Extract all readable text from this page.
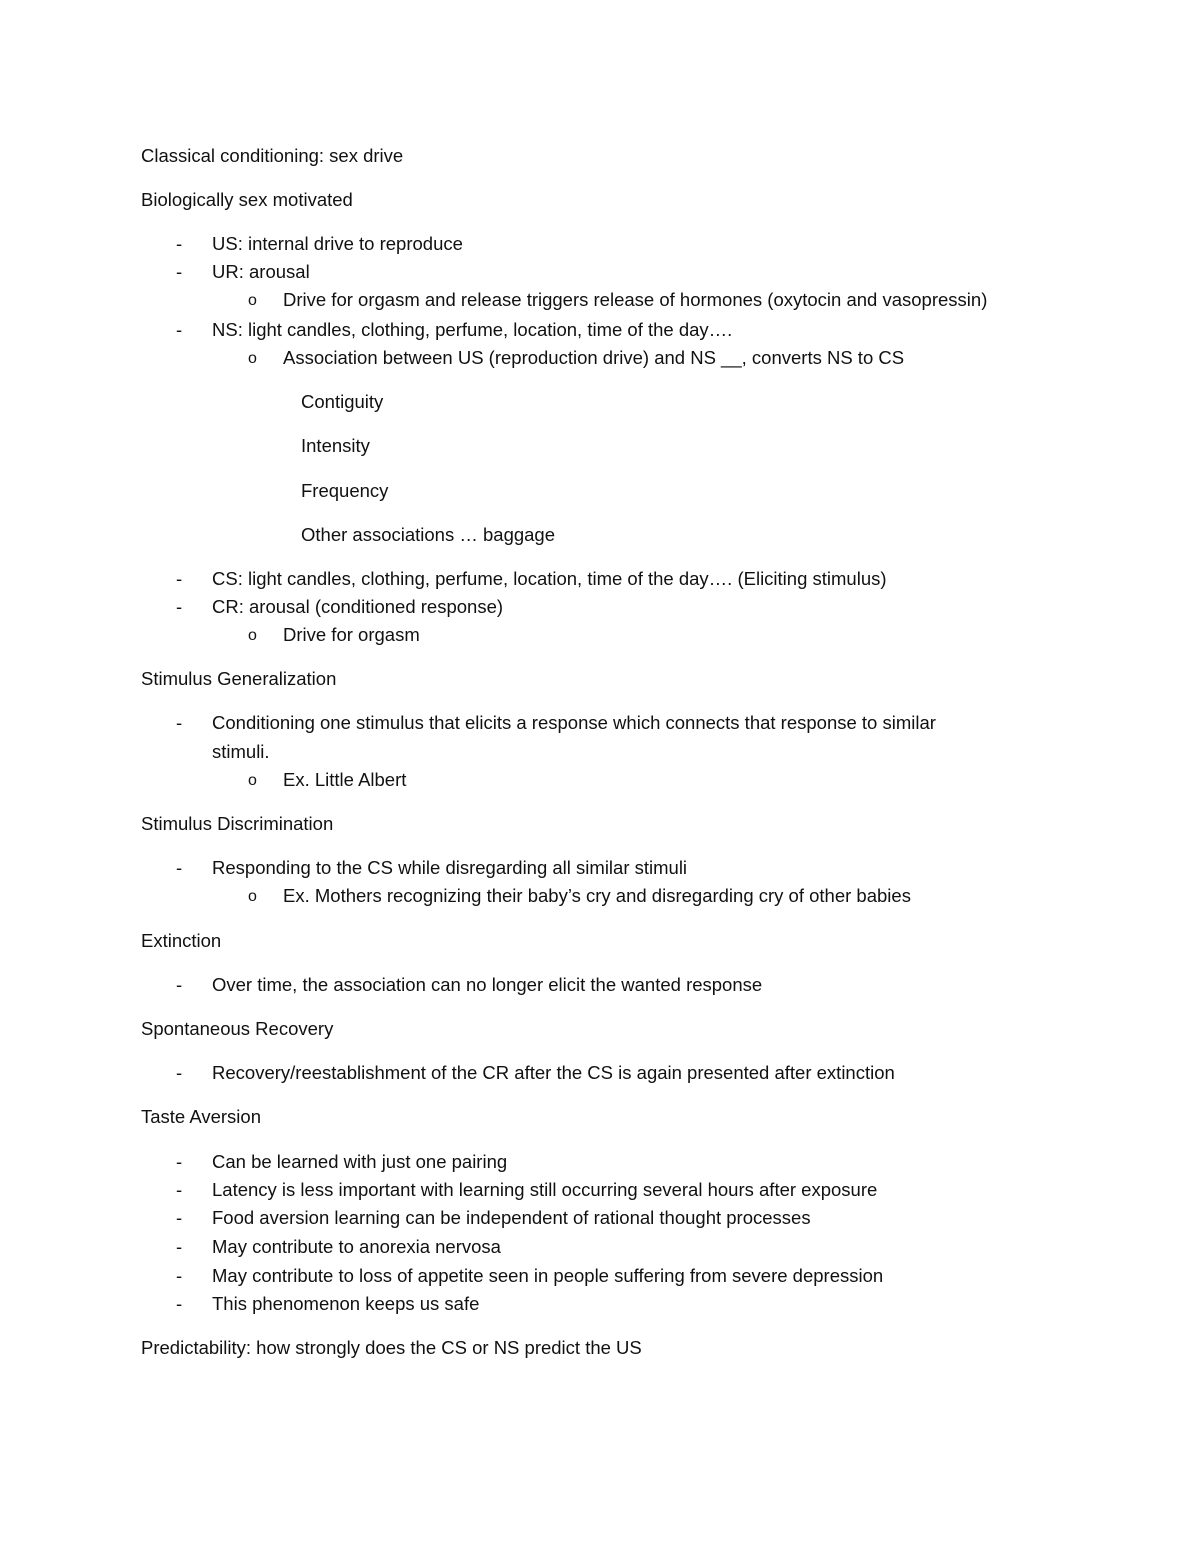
Classical conditioning: sex drive
Biologically sex motivated
- US: internal drive to reproduce
- UR: arousal
o Drive for orgasm and release triggers release of hormones (oxytocin and vasopressin)
- NS: light candles, clothing, perfume, location, time of the day….
o Association between US (reproduction drive) and NS __, converts NS to CS
Contiguity
Intensity
Frequency
Other associations … baggage
- CS: light candles, clothing, perfume, location, time of the day…. (Eliciting stimulus)
- CR: arousal (conditioned response)
o Drive for orgasm
Stimulus Generalization
- Conditioning one stimulus that elicits a response which connects that response to similar
stimuli.
o Ex. Little Albert
Stimulus Discrimination
- Responding to the CS while disregarding all similar stimuli
o Ex. Mothers recognizing their baby’s cry and disregarding cry of other babies
Extinction
- Over time, the association can no longer elicit the wanted response
Spontaneous Recovery
- Recovery/reestablishment of the CR after the CS is again presented after extinction
Taste Aversion
- Can be learned with just one pairing
- Latency is less important with learning still occurring several hours after exposure
- Food aversion learning can be independent of rational thought processes
- May contribute to anorexia nervosa
- May contribute to loss of appetite seen in people suffering from severe depression
- This phenomenon keeps us safe
Predictability: how strongly does the CS or NS predict the US
